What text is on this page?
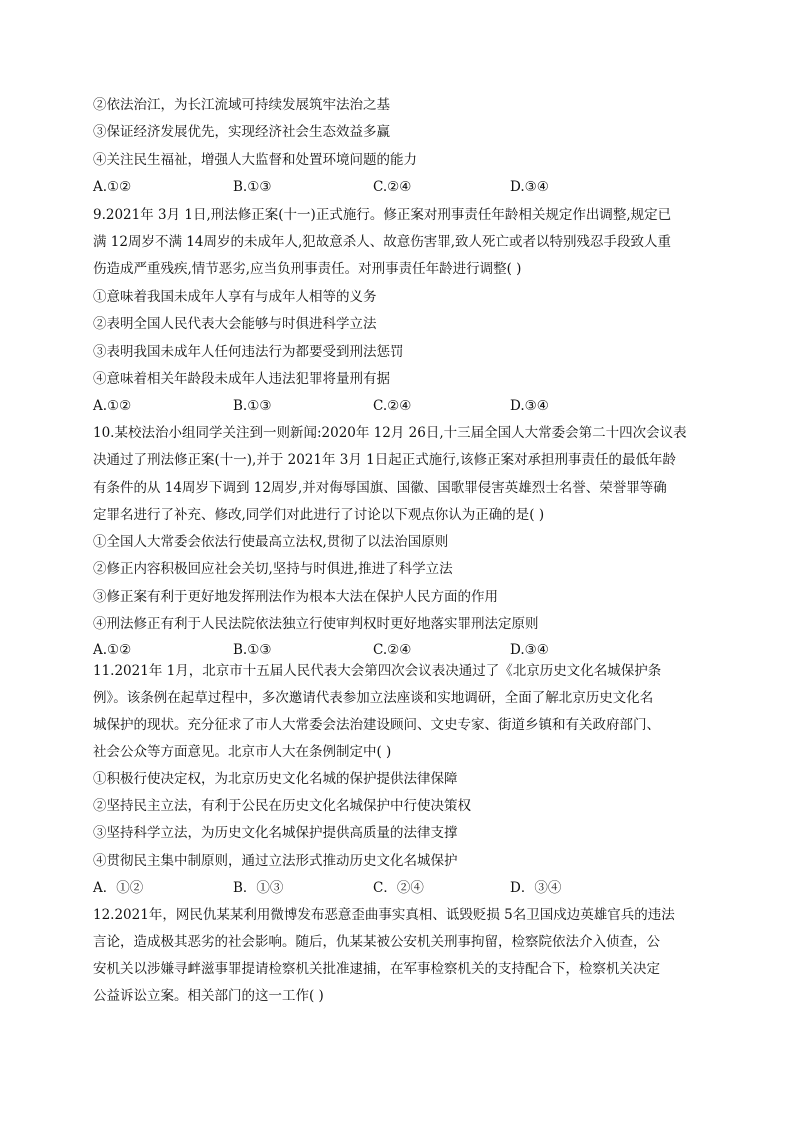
②依法治江，为长江流域可持续发展筑牢法治之基
③保证经济发展优先，实现经济社会生态效益多赢
④关注民生福祉，增强人大监督和处置环境问题的能力
A.①②	B.①③	C.②④	D.③④
9.2021年 3月 1日,刑法修正案(十一)正式施行。修正案对刑事责任年龄相关规定作出调整,规定已
满 12周岁不满 14周岁的未成年人,犯故意杀人、故意伤害罪,致人死亡或者以特别残忍手段致人重
伤造成严重残疾,情节恶劣,应当负刑事责任。对刑事责任年龄进行调整( )
①意味着我国未成年人享有与成年人相等的义务
②表明全国人民代表大会能够与时俱进科学立法
③表明我国未成年人任何违法行为都要受到刑法惩罚
④意味着相关年龄段未成年人违法犯罪将量刑有据
A.①②	B.①③	C.②④	D.③④
10.某校法治小组同学关注到一则新闻:2020年 12月 26日,十三届全国人大常委会第二十四次会议表
决通过了刑法修正案(十一),并于 2021年 3月 1日起正式施行,该修正案对承担刑事责任的最低年龄
有条件的从 14周岁下调到 12周岁,并对侮辱国旗、国徽、国歌罪侵害英雄烈士名誉、荣誉罪等确
定罪名进行了补充、修改,同学们对此进行了讨论以下观点你认为正确的是( )
①全国人大常委会依法行使最高立法权,贯彻了以法治国原则
②修正内容积极回应社会关切,坚持与时俱进,推进了科学立法
③修正案有利于更好地发挥刑法作为根本大法在保护人民方面的作用
④刑法修正有利于人民法院依法独立行使审判权时更好地落实罪刑法定原则
A.①②	B.①③	C.②④	D.③④
11.2021年 1月，北京市十五届人民代表大会第四次会议表决通过了《北京历史文化名城保护条
例》。该条例在起草过程中，多次邀请代表参加立法座谈和实地调研，全面了解北京历史文化名
城保护的现状。充分征求了市人大常委会法治建设顾问、文史专家、街道乡镇和有关政府部门、
社会公众等方面意见。北京市人大在条例制定中( )
①积极行使决定权，为北京历史文化名城的保护提供法律保障
②坚持民主立法，有利于公民在历史文化名城保护中行使决策权
③坚持科学立法，为历史文化名城保护提供高质量的法律支撑
④贯彻民主集中制原则，通过立法形式推动历史文化名城保护
A．①②	B．①③	C．②④	D．③④
12.2021年，网民仇某某利用微博发布恶意歪曲事实真相、诋毁贬损 5名卫国戍边英雄官兵的违法
言论，造成极其恶劣的社会影响。随后，仇某某被公安机关刑事拘留，检察院依法介入侦查，公
安机关以涉嫌寻衅滋事罪提请检察机关批准逮捕，在军事检察机关的支持配合下，检察机关决定
公益诉讼立案。相关部门的这一工作( )
